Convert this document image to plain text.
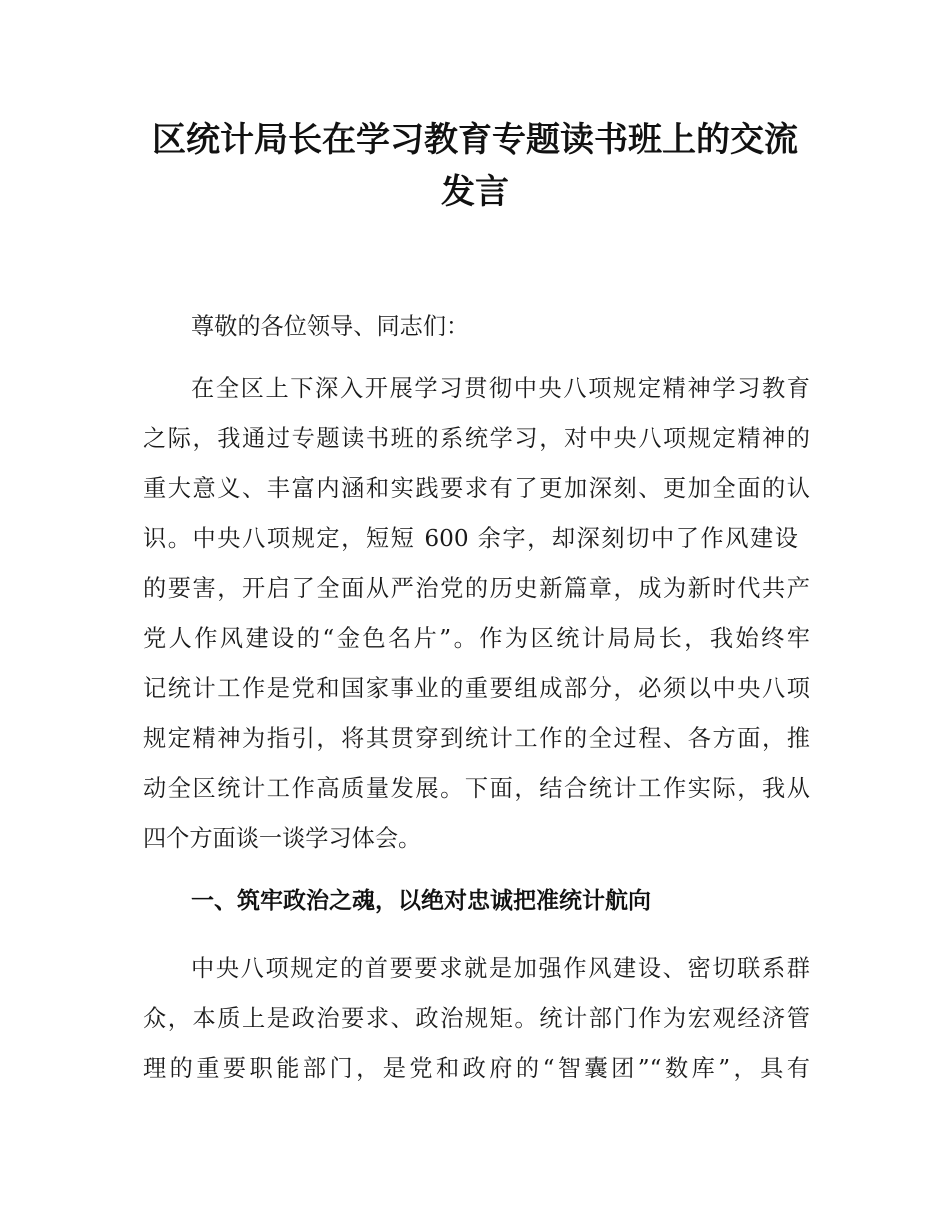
区统计局长在学习教育专题读书班上的交流
发言
尊敬的各位领导、同志们：
在全区上下深入开展学习贯彻中央八项规定精神学习教育
之际，我通过专题读书班的系统学习，对中央八项规定精神的
重大意义、丰富内涵和实践要求有了更加深刻、更加全面的认
识。中央八项规定，短短 600 余字，却深刻切中了作风建设
的要害，开启了全面从严治党的历史新篇章，成为新时代共产
党人作风建设的“金色名片”。作为区统计局局长，我始终牢
记统计工作是党和国家事业的重要组成部分，必须以中央八项
规定精神为指引，将其贯穿到统计工作的全过程、各方面，推
动全区统计工作高质量发展。下面，结合统计工作实际，我从
四个方面谈一谈学习体会。
一、筑牢政治之魂，以绝对忠诚把准统计航向
中央八项规定的首要要求就是加强作风建设、密切联系群
众，本质上是政治要求、政治规矩。统计部门作为宏观经济管
理的重要职能部门，是党和政府的“智囊团”“数库”，具有
